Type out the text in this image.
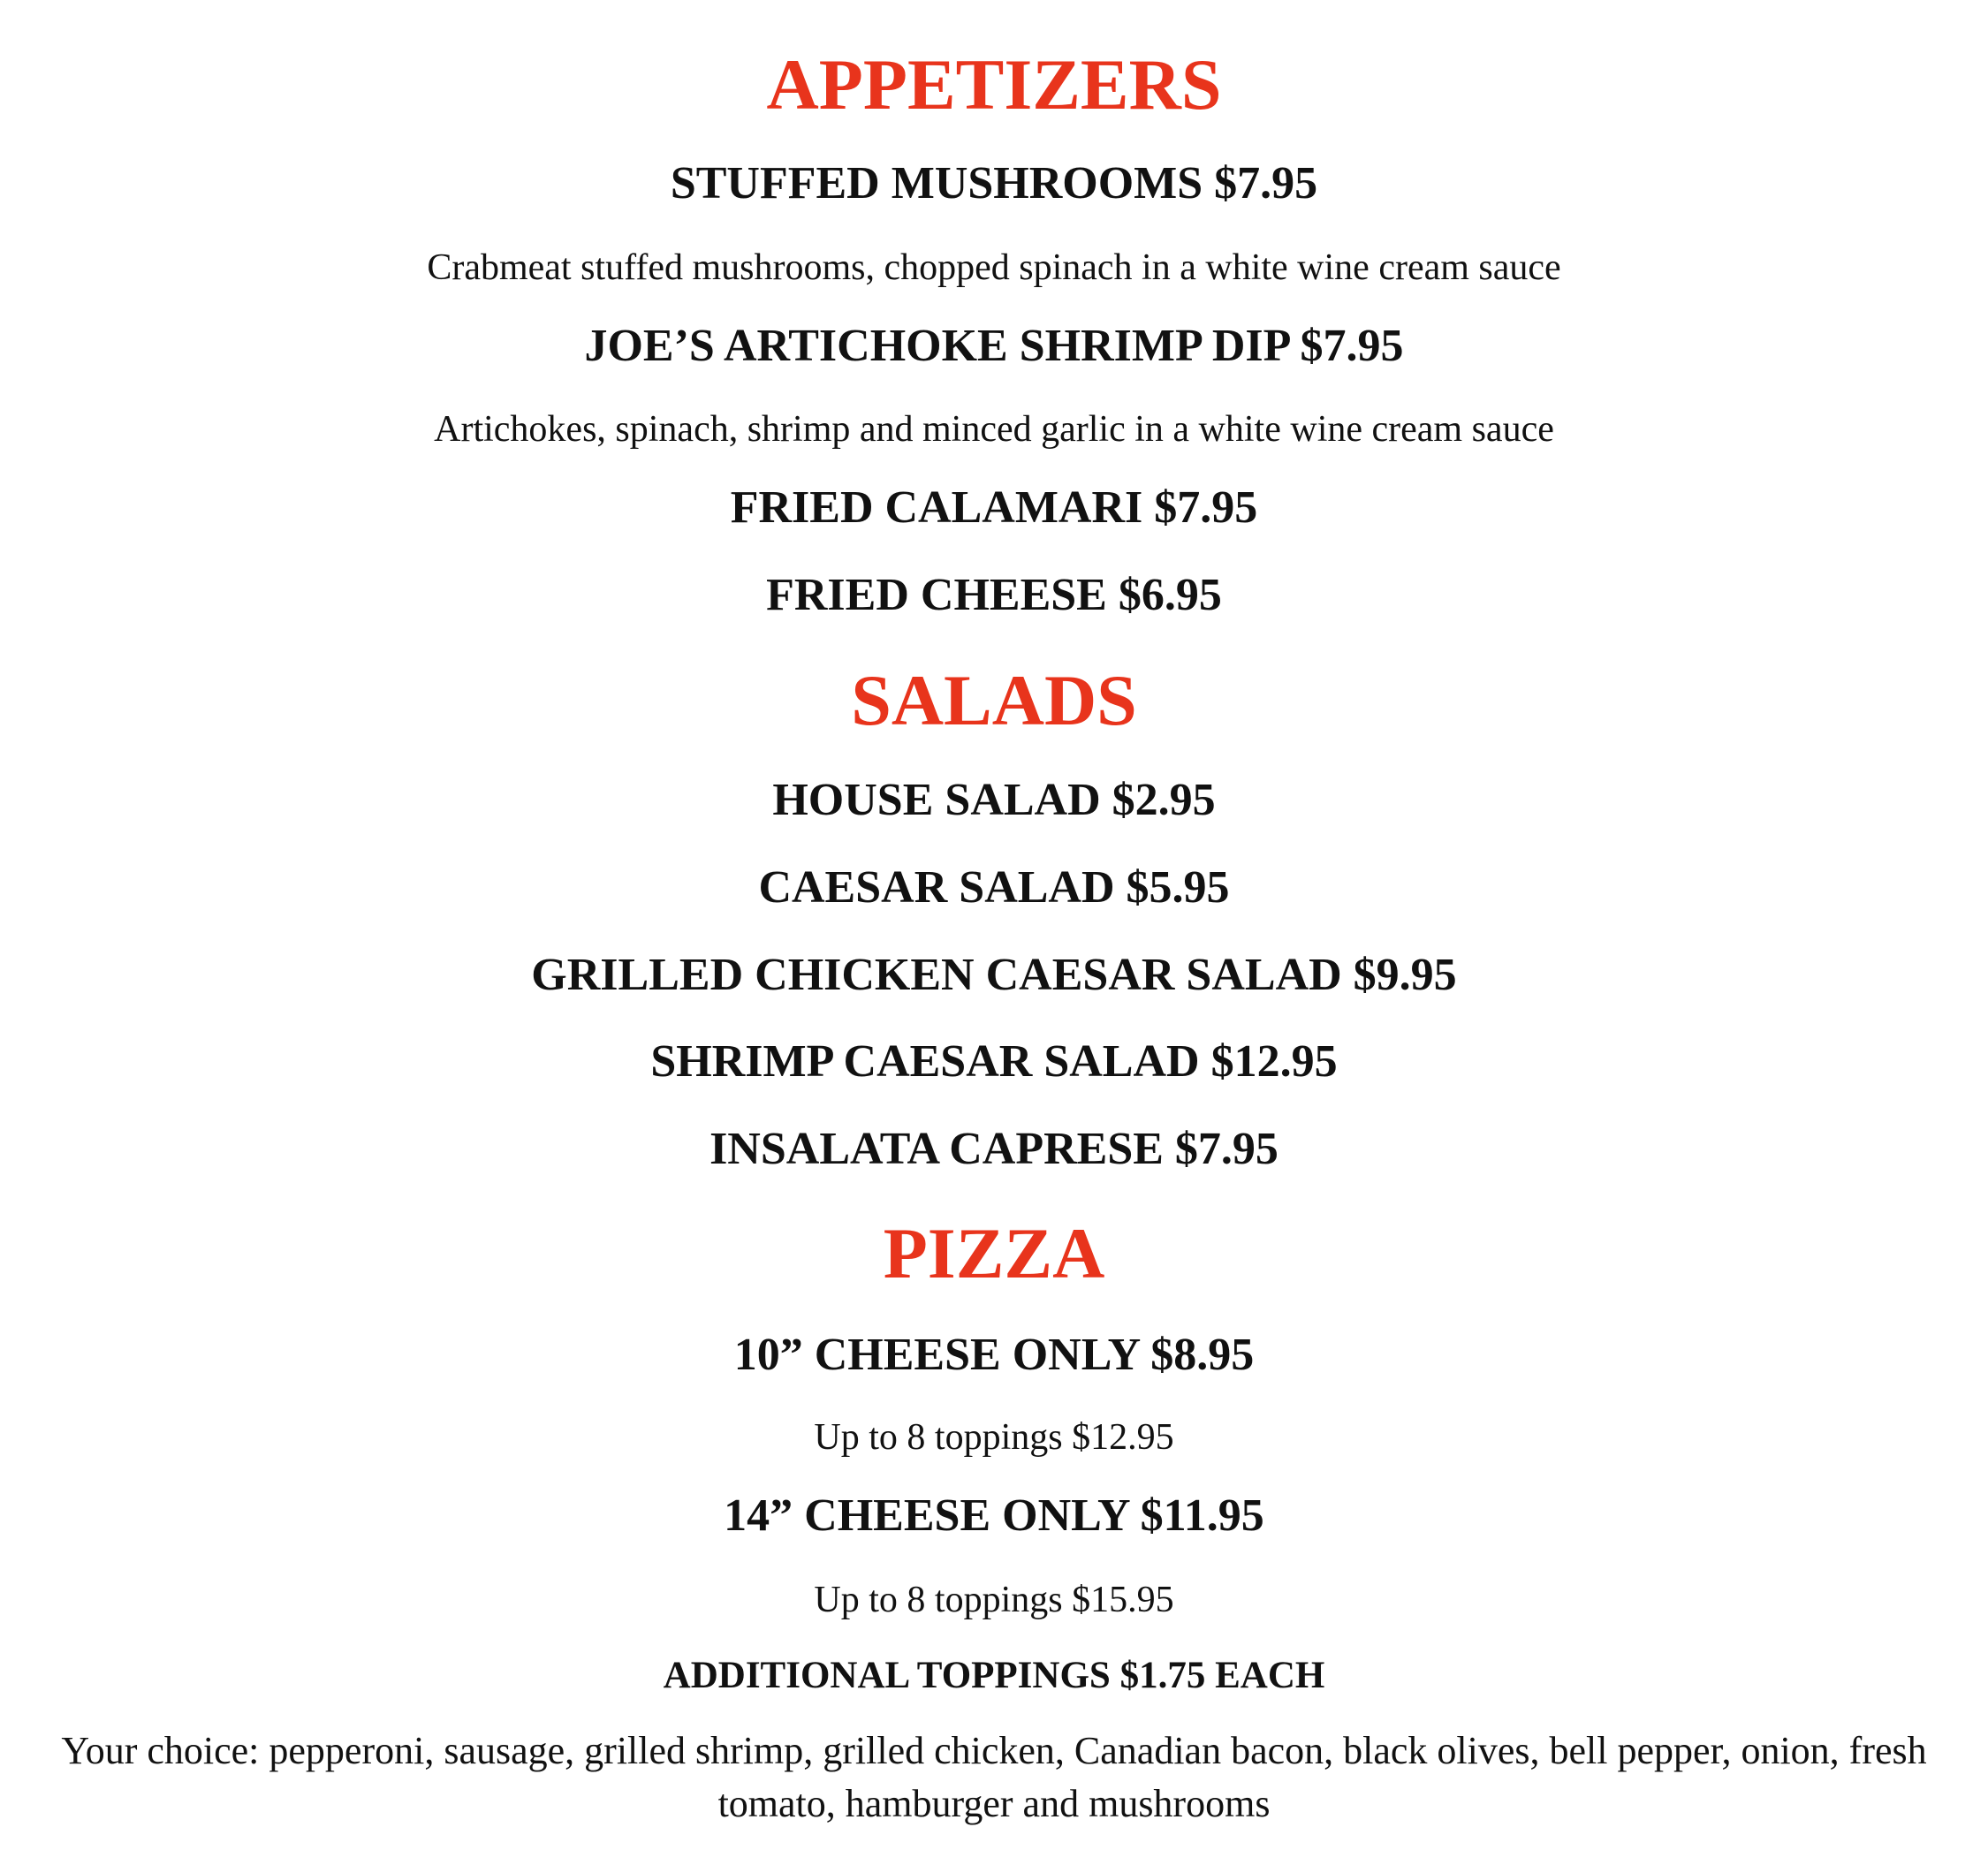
APPETIZERS
STUFFED MUSHROOMS $7.95
Crabmeat stuffed mushrooms, chopped spinach in a white wine cream sauce
JOE’S ARTICHOKE SHRIMP DIP $7.95
Artichokes, spinach, shrimp and minced garlic in a white wine cream sauce
FRIED CALAMARI $7.95
FRIED CHEESE $6.95
SALADS
HOUSE SALAD $2.95
CAESAR SALAD $5.95
GRILLED CHICKEN CAESAR SALAD $9.95
SHRIMP CAESAR SALAD $12.95
INSALATA CAPRESE $7.95
PIZZA
10” CHEESE ONLY $8.95
Up to 8 toppings $12.95
14” CHEESE ONLY $11.95
Up to 8 toppings $15.95
ADDITIONAL TOPPINGS $1.75 EACH
Your choice: pepperoni, sausage, grilled shrimp, grilled chicken, Canadian bacon, black olives, bell pepper, onion, fresh tomato, hamburger and mushrooms
